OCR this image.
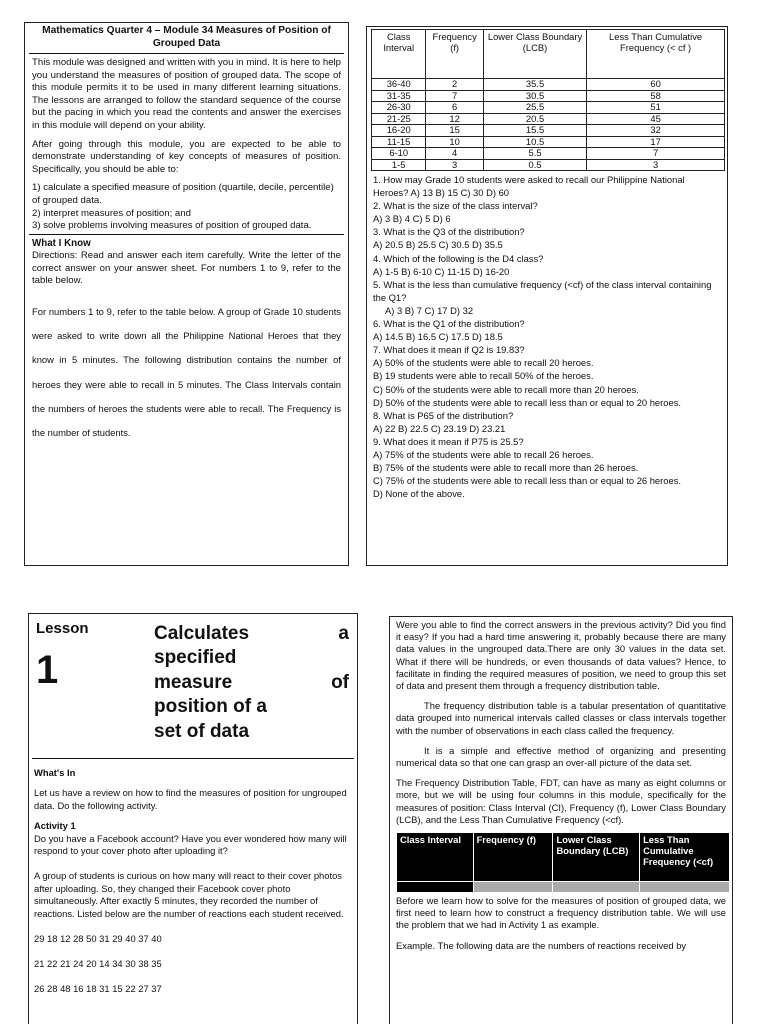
Mathematics Quarter 4 – Module 34 Measures of Position of Grouped Data

This module was designed and written with you in mind. It is here to help you understand the measures of position of grouped data. The scope of this module permits it to be used in many different learning situations. The lessons are arranged to follow the standard sequence of the course but the pacing in which you read the contents and answer the exercises in this module will depend on your ability.

After going through this module, you are expected to be able to demonstrate understanding of key concepts of measures of position. Specifically, you should be able to:

1) calculate a specified measure of position (quartile, decile, percentile)

of grouped data.

2) interpret measures of position; and

3) solve problems involving measures of position of grouped data.

What I Know

Directions: Read and answer each item carefully. Write the letter of the correct answer on your answer sheet. For numbers 1 to 9, refer to the table below.

For numbers 1 to 9, refer to the table below. A group of Grade 10 students were asked to write down all the Philippine National Heroes that they know in 5 minutes. The following distribution contains the number of heroes they were able to recall in 5 minutes. The Class Intervals contain the numbers of heroes the students were able to recall. The Frequency is the number of students.

Class Interval	Frequency (f)	Lower Class Boundary (LCB)	Less Than Cumulative Frequency (< cf )
36-40	2	35.5	60
31-35	7	30.5	58
26-30	6	25.5	51
21-25	12	20.5	45
16-20	15	15.5	32
11-15	10	10.5	17
6-10	4	5.5	7
1-5	3	0.5	3

1. How may Grade 10 students were asked to recall our Philippine National Heroes? A) 13 B) 15 C) 30 D) 60

2. What is the size of the class interval?

A) 3 B) 4 C) 5 D) 6

3. What is the Q3 of the distribution?

A) 20.5 B) 25.5 C) 30.5 D) 35.5

4. Which of the following is the D4 class?

A) 1-5 B) 6-10 C) 11-15 D) 16-20

5. What is the less than cumulative frequency (<cf) of the class interval containing

the Q1?

A) 3 B) 7 C) 17 D) 32

6. What is the Q1 of the distribution?

A) 14.5 B) 16.5 C) 17.5 D) 18.5

7. What does it mean if Q2 is 19.83?

A) 50% of the students were able to recall 20 heroes.

B) 19 students were able to recall 50% of the heroes.

C) 50% of the students were able to recall more than 20 heroes.

D) 50% of the students were able to recall less than or equal to 20 heroes.

8. What is P65 of the distribution?

A) 22 B) 22.5 C) 23.19 D) 23.21

9. What does it mean if P75 is 25.5?

A) 75% of the students were able to recall 26 heroes.

B) 75% of the students were able to recall more than 26 heroes.

C) 75% of the students were able to recall less than or equal to 26 heroes.

D) None of the above.

Lesson
1
Calculates a
specified
measure of
position of a
set of data

What's In

Let us have a review on how to find the measures of position for ungrouped data. Do the following activity.

Activity 1

Do you have a Facebook account? Have you ever wondered how many will respond to your cover photo after uploading it?

A group of students is curious on how many will react to their cover photos after uploading. So, they changed their Facebook cover photo simultaneously. After exactly 5 minutes, they recorded the number of reactions. Listed below are the number of reactions each student received.

29 18 12 28 50 31 29 40 37 40

21 22 21 24 20 14 34 30 38 35

26 28 48 16 18 31 15 22 27 37

Were you able to find the correct answers in the previous activity? Did you find it easy? If you had a hard time answering it, probably because there are many data values in the ungrouped data.There are only 30 values in the data set. What if there will be hundreds, or even thousands of data values? Hence, to facilitate in finding the required measures of position, we need to group this set of data and present them through a frequency distribution table.

The frequency distribution table is a tabular presentation of quantitative data grouped into numerical intervals called classes or class intervals together with the number of observations in each class called the frequency.

It is a simple and effective method of organizing and presenting numerical data so that one can grasp an over-all picture of the data set.

The Frequency Distribution Table, FDT, can have as many as eight columns or more, but we will be using four columns in this module, specifically for the measures of position: Class Interval (CI), Frequency (f), Lower Class Boundary (LCB), and the Less Than Cumulative Frequency (<cf).

Class Interval	Frequency (f)	Lower Class Boundary (LCB)	Less Than Cumulative Frequency (<cf)

Before we learn how to solve for the measures of position of grouped data, we first need to learn how to construct a frequency distribution table. We will use the problem that we had in Activity 1 as example.

Example. The following data are the numbers of reactions received by
